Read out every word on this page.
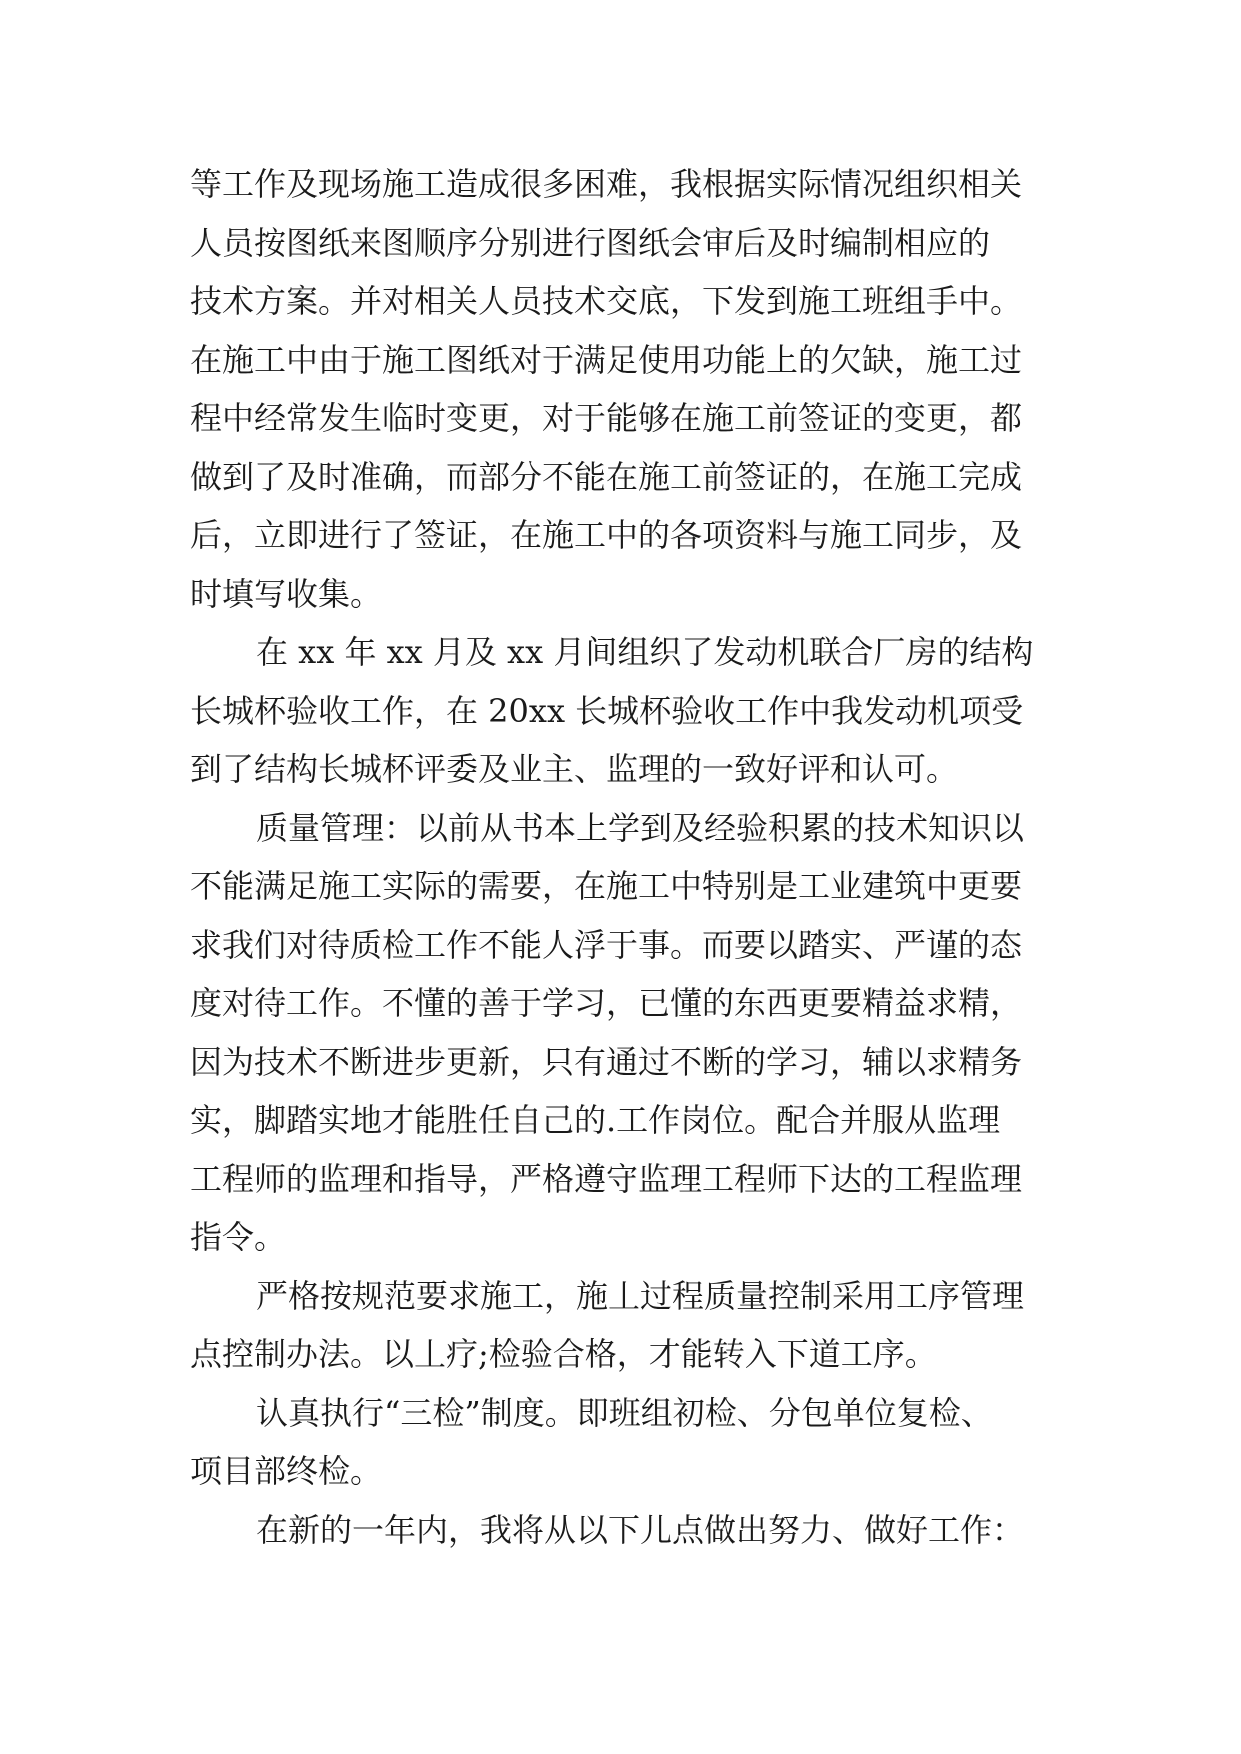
等工作及现场施工造成很多困难，我根据实际情况组织相关
人员按图纸来图顺序分别进行图纸会审后及时编制相应的
技术方案。并对相关人员技术交底，下发到施工班组手中。
在施工中由于施工图纸对于满足使用功能上的欠缺，施工过
程中经常发生临时变更，对于能够在施工前签证的变更，都
做到了及时准确，而部分不能在施工前签证的，在施工完成
后，立即进行了签证，在施工中的各项资料与施工同步，及
时填写收集。
在 xx 年 xx 月及 xx 月间组织了发动机联合厂房的结构
长城杯验收工作，在 20xx 长城杯验收工作中我发动机项受
到了结构长城杯评委及业主、监理的一致好评和认可。
质量管理：以前从书本上学到及经验积累的技术知识以
不能满足施工实际的需要，在施工中特别是工业建筑中更要
求我们对待质检工作不能人浮于事。而要以踏实、严谨的态
度对待工作。不懂的善于学习，已懂的东西更要精益求精，
因为技术不断进步更新，只有通过不断的学习，辅以求精务
实，脚踏实地才能胜任自己的.工作岗位。配合并服从监理
工程师的监理和指导，严格遵守监理工程师下达的工程监理
指令。
严格按规范要求施工，施丄过程质量控制采用工序管理
点控制办法。以丄疗;检验合格，才能转入下道工序。
认真执行“三检”制度。即班组初检、分包单位复检、
项目部终检。
在新的一年内，我将从以下儿点做出努力、做好工作：
